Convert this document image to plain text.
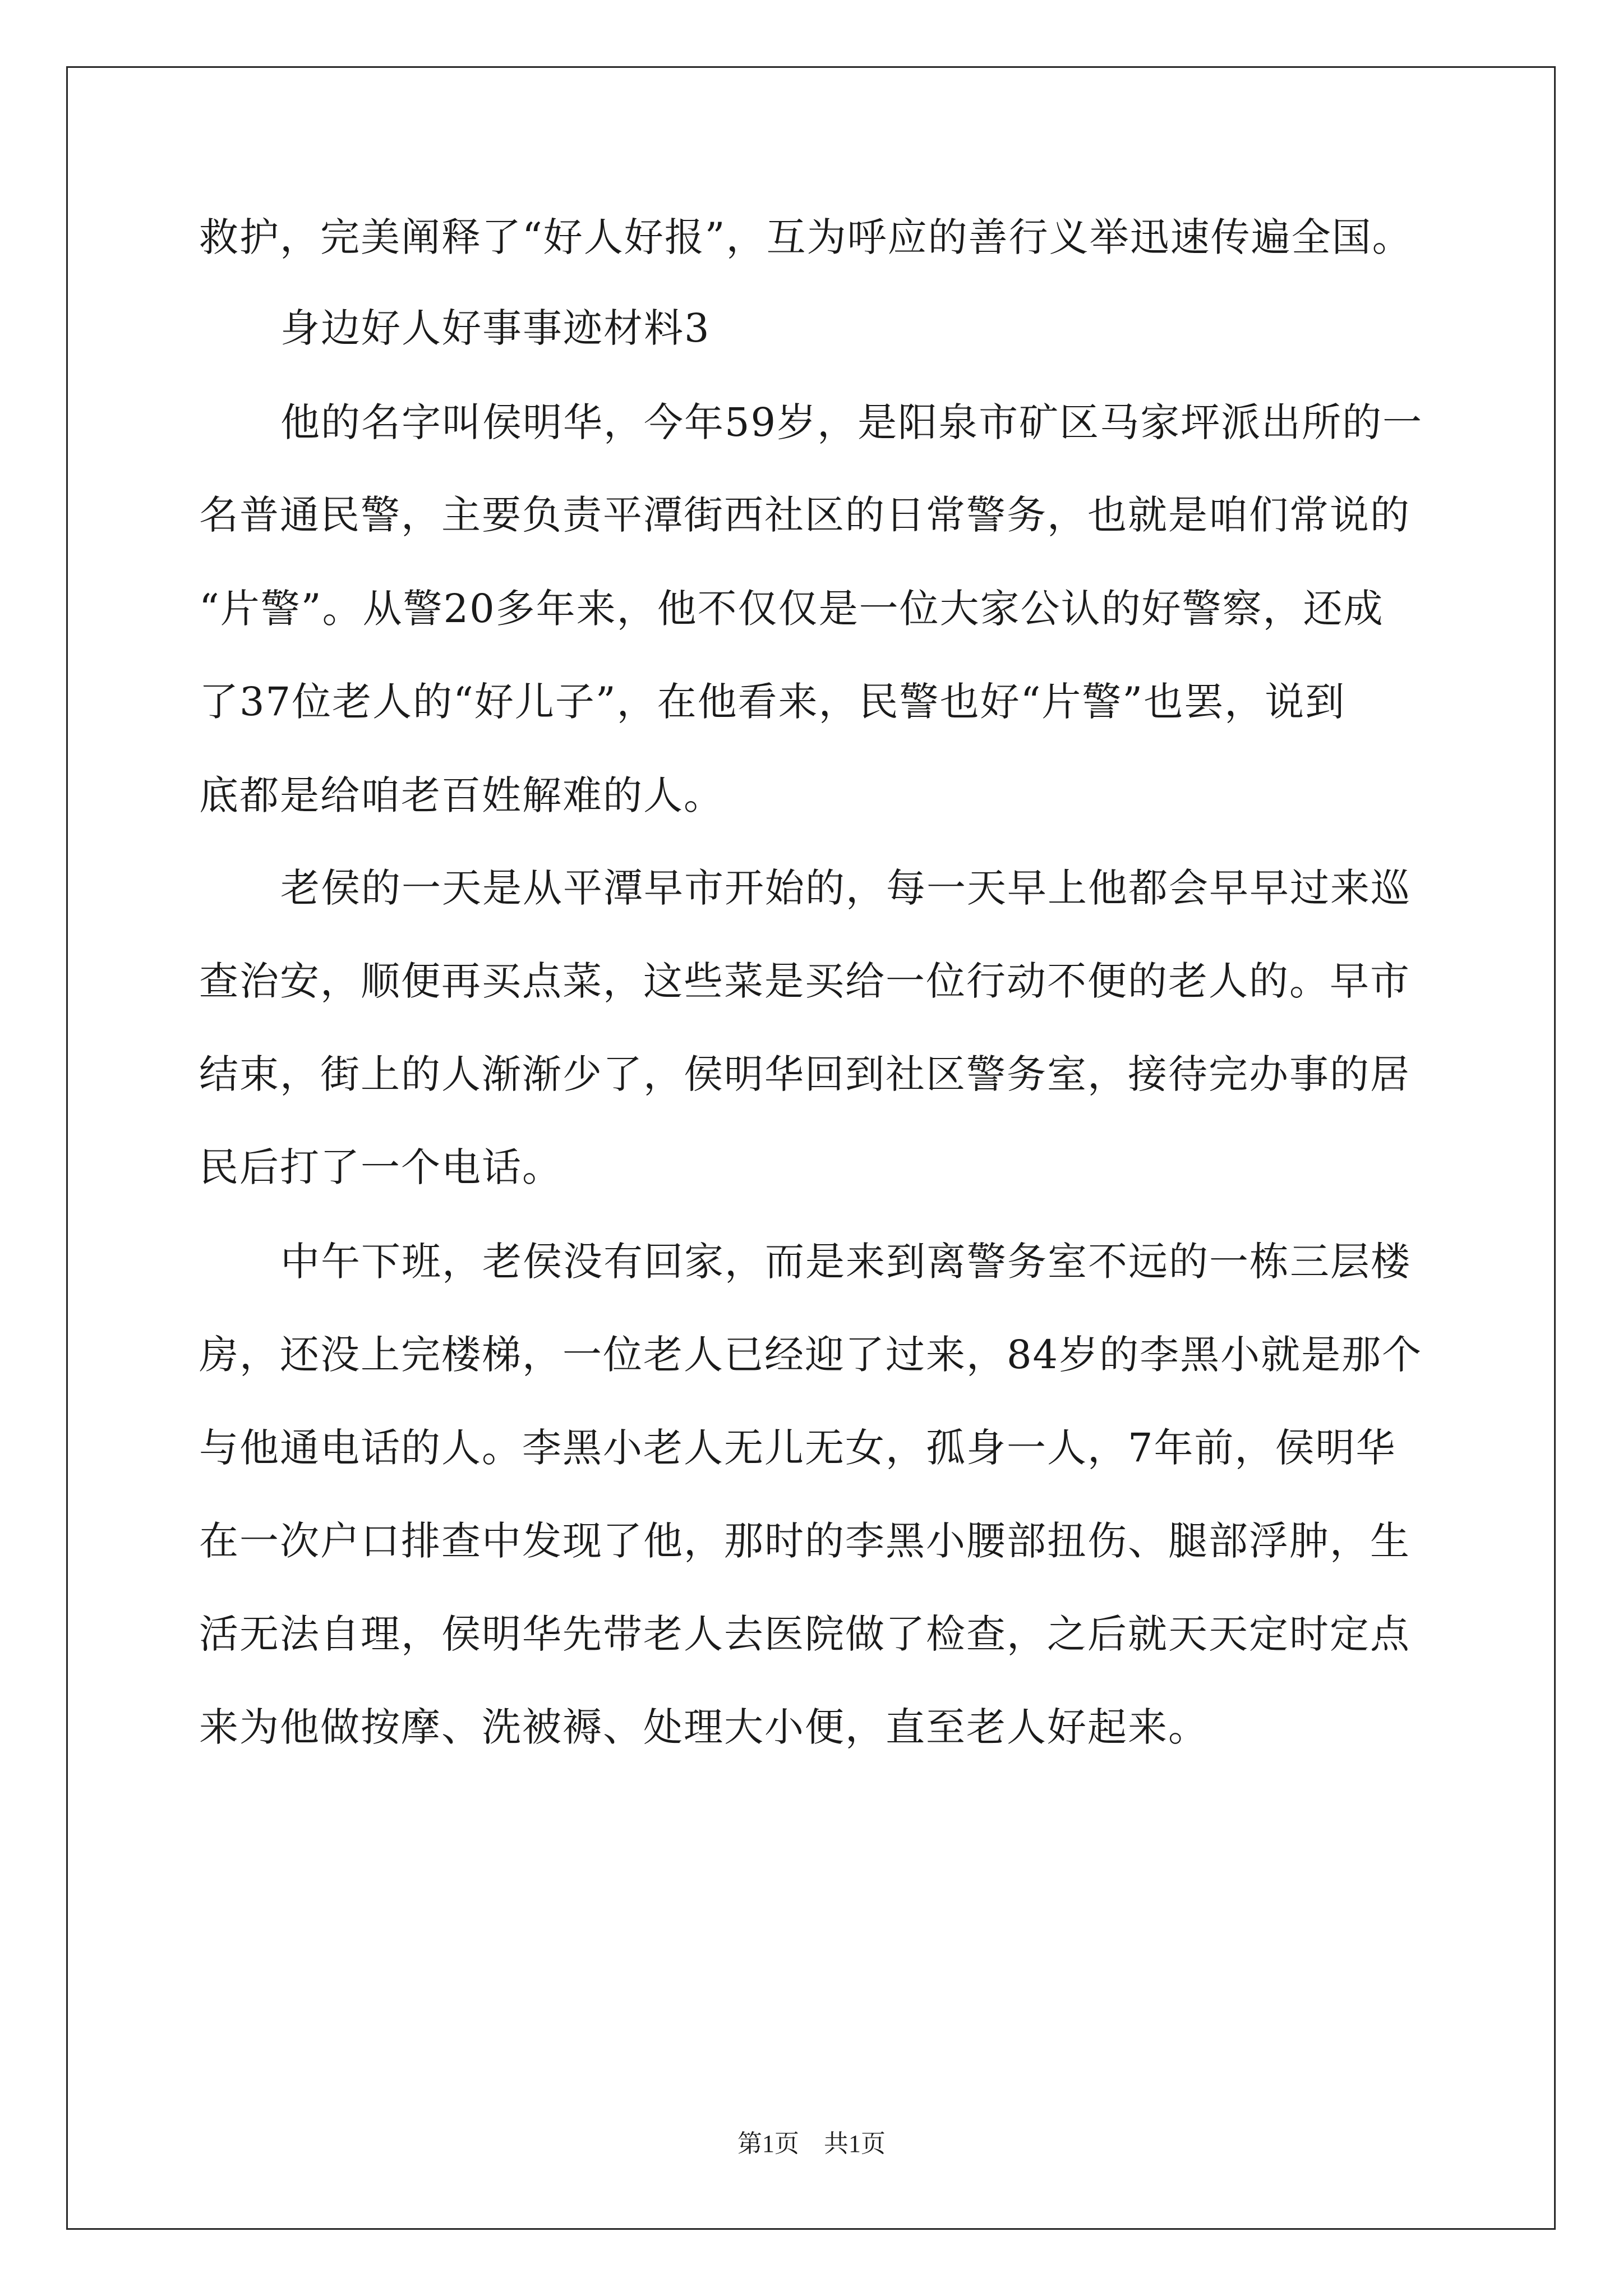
救护，完美阐释了“好人好报”，互为呼应的善行义举迅速传遍全国。
身边好人好事事迹材料3
他的名字叫侯明华，今年59岁，是阳泉市矿区马家坪派出所的一
名普通民警，主要负责平潭街西社区的日常警务，也就是咱们常说的
“片警”。从警20多年来，他不仅仅是一位大家公认的好警察，还成
了37位老人的“好儿子”，在他看来，民警也好“片警”也罢，说到
底都是给咱老百姓解难的人。
老侯的一天是从平潭早市开始的，每一天早上他都会早早过来巡
查治安，顺便再买点菜，这些菜是买给一位行动不便的老人的。早市
结束，街上的人渐渐少了，侯明华回到社区警务室，接待完办事的居
民后打了一个电话。
中午下班，老侯没有回家，而是来到离警务室不远的一栋三层楼
房，还没上完楼梯，一位老人已经迎了过来，84岁的李黑小就是那个
与他通电话的人。李黑小老人无儿无女，孤身一人，7年前，侯明华
在一次户口排查中发现了他，那时的李黑小腰部扭伤、腿部浮肿，生
活无法自理，侯明华先带老人去医院做了检查，之后就天天定时定点
来为他做按摩、洗被褥、处理大小便，直至老人好起来。
第1页　共1页
